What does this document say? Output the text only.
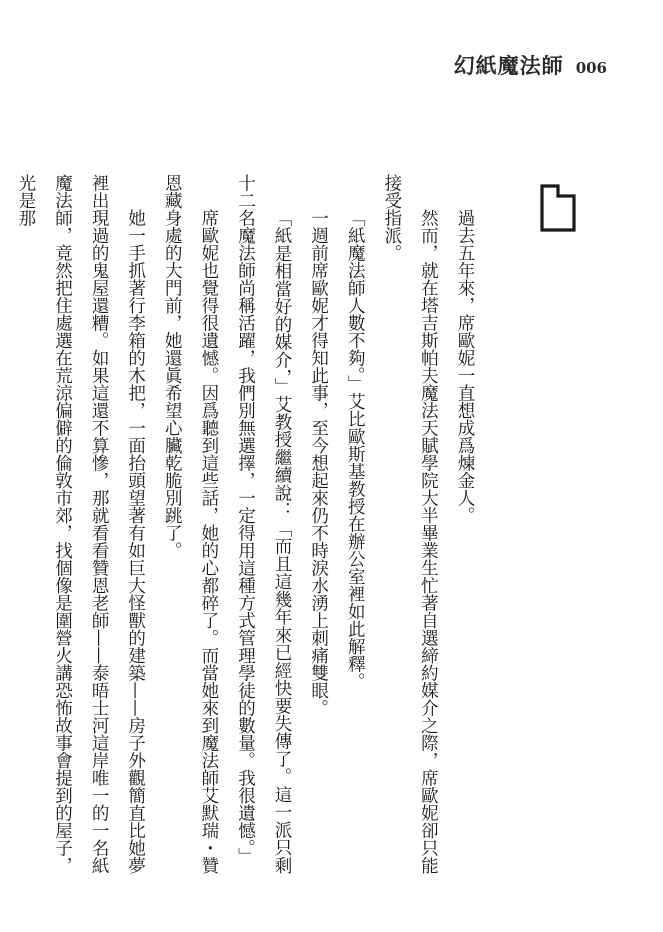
幻紙魔法師 006

過去五年來，席歐妮一直想成爲煉金人。

然而，就在塔吉斯帕夫魔法天賦學院大半畢業生忙著自選締約媒介之際，席歐妮卻只能接受指派。

「紙魔法師人數不夠。」艾比歐斯基教授在辦公室裡如此解釋。

一週前席歐妮才得知此事，至今想起來仍不時淚水湧上刺痛雙眼。

「紙是相當好的媒介，」艾教授繼續說：「而且這幾年來已經快要失傳了。這一派只剩十二名魔法師尚稱活躍，我們別無選擇，一定得用這種方式管理學徒的數量。我很遺憾。」

席歐妮也覺得很遺憾。因爲聽到這些話，她的心都碎了。而當她來到魔法師艾默瑞・贊恩藏身處的大門前，她還眞希望心臟乾脆別跳了。

她一手抓著行李箱的木把，一面抬頭望著有如巨大怪獸的建築——房子外觀簡直比她夢裡出現過的鬼屋還糟。如果這還不算慘，那就看看贊恩老師——泰晤士河這岸唯一的一名紙魔法師，竟然把住處選在荒涼偏僻的倫敦市郊，找個像是圍營火講恐怖故事會提到的屋子，光是那
